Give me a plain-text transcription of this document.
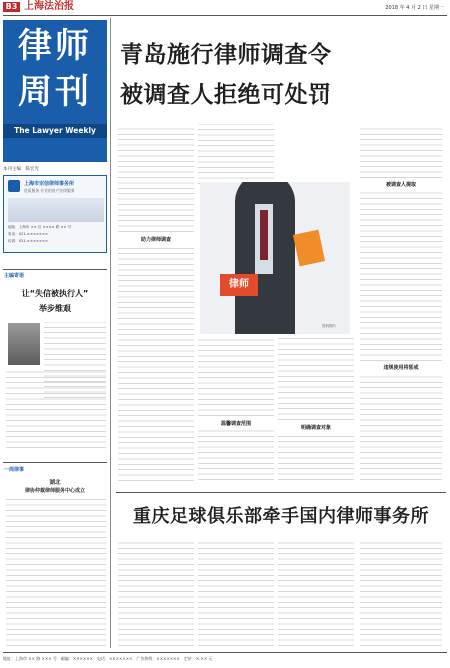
B3 上海法治报	2018 年 4 月 2 日 星期一
律师
周刊
The Lawyer Weekly
本刊主编：陈宏光
上海市宗信律师事务所
优质服务 专业的房产法律服务
地址：上海市 ×× 区 ×××× 路 ×× 号
电话：021-×××××××
传真：021-×××××××
主编寄语
让“失信被执行人”
举步维艰
一周律事
湖北
律协仲裁律师服务中心成立
青岛施行律师调查令
被调查人拒绝可处罚
助力律师调查
律师
资料图片
温馨调查范围
明确调查对象
被调查人提取
违规使用将惩戒
重庆足球俱乐部牵手国内律师事务所
地址：上海市 ×× 路 ××× 号　邮编：××××××　电话：×××××××　广告热线：×××××××　定价：×.×× 元
